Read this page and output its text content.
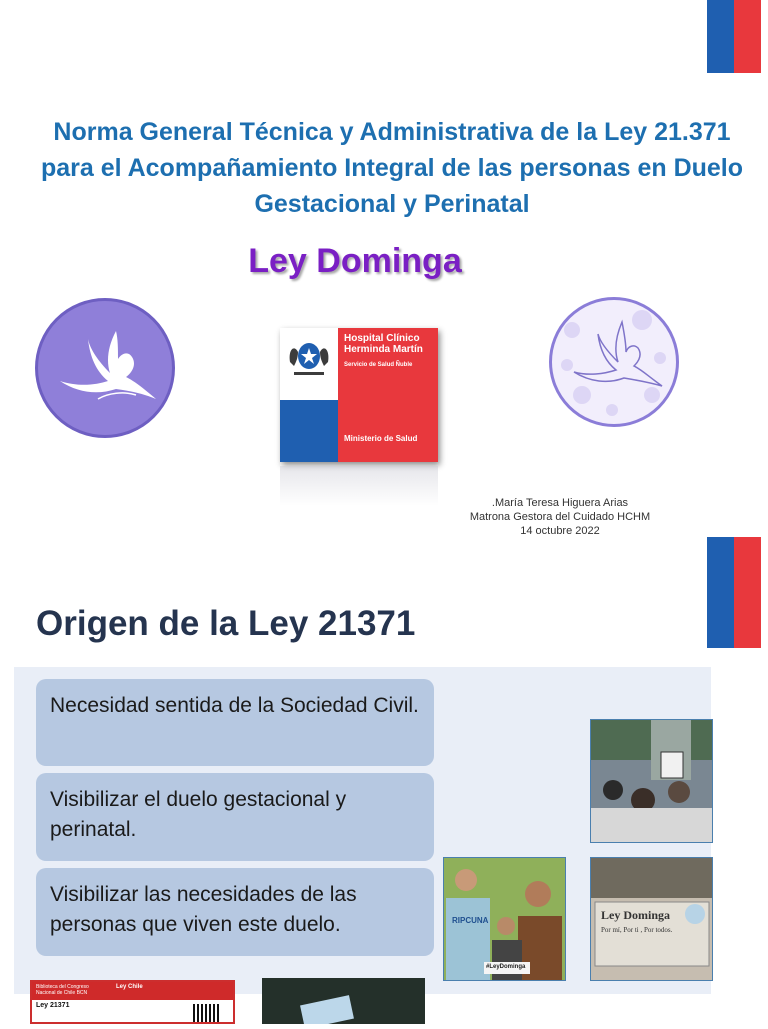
Norma General Técnica y Administrativa de la Ley 21.371 para el Acompañamiento Integral de las personas en Duelo Gestacional y Perinatal

Ley Dominga

Hospital Clínico Herminda Martín
Servicio de Salud Ñuble
Ministerio de Salud
.María Teresa Higuera Arias
Matrona Gestora del Cuidado HCHM
14 octubre 2022

Origen de la Ley 21371

Necesidad sentida de la Sociedad Civil.
Visibilizar el duelo gestacional y perinatal.
Visibilizar las necesidades de las personas que viven este duelo.	RIPCUNA
#LeyDominga
Ley Dominga
Por mí, Por ti , Por todos.
Biblioteca del Congreso Nacional de Chile BCN
Ley Chile
Ley 21371
